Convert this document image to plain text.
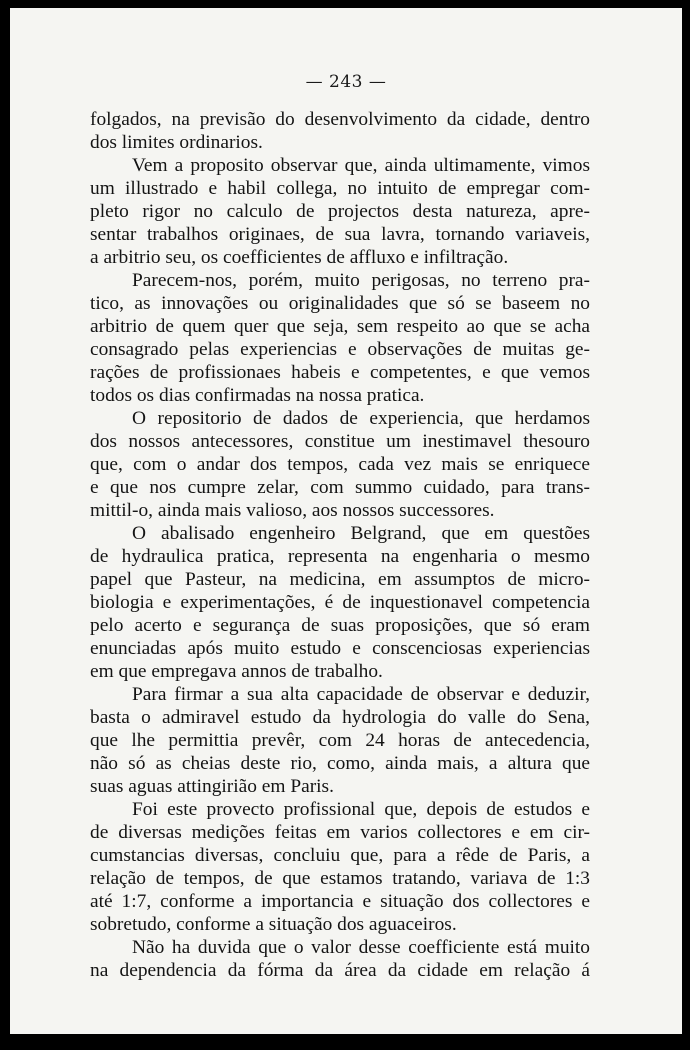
— 243 —
folgados, na previsão do desenvolvimento da cidade, dentro
dos limites ordinarios.
Vem a proposito observar que, ainda ultimamente, vimos
um illustrado e habil collega, no intuito de empregar com-
pleto rigor no calculo de projectos desta natureza, apre-
sentar trabalhos originaes, de sua lavra, tornando variaveis,
a arbitrio seu, os coefficientes de affluxo e infiltração.
Parecem-nos, porém, muito perigosas, no terreno pra-
tico, as innovações ou originalidades que só se baseem no
arbitrio de quem quer que seja, sem respeito ao que se acha
consagrado pelas experiencias e observações de muitas ge-
rações de profissionaes habeis e competentes, e que vemos
todos os dias confirmadas na nossa pratica.
O repositorio de dados de experiencia, que herdamos
dos nossos antecessores, constitue um inestimavel thesouro
que, com o andar dos tempos, cada vez mais se enriquece
e que nos cumpre zelar, com summo cuidado, para trans-
mittil-o, ainda mais valioso, aos nossos successores.
O abalisado engenheiro Belgrand, que em questões
de hydraulica pratica, representa na engenharia o mesmo
papel que Pasteur, na medicina, em assumptos de micro-
biologia e experimentações, é de inquestionavel competencia
pelo acerto e segurança de suas proposições, que só eram
enunciadas após muito estudo e conscenciosas experiencias
em que empregava annos de trabalho.
Para firmar a sua alta capacidade de observar e deduzir,
basta o admiravel estudo da hydrologia do valle do Sena,
que lhe permittia prevêr, com 24 horas de antecedencia,
não só as cheias deste rio, como, ainda mais, a altura que
suas aguas attingirião em Paris.
Foi este provecto profissional que, depois de estudos e
de diversas medições feitas em varios collectores e em cir-
cumstancias diversas, concluiu que, para a rêde de Paris, a
relação de tempos, de que estamos tratando, variava de 1:3
até 1:7, conforme a importancia e situação dos collectores e
sobretudo, conforme a situação dos aguaceiros.
Não ha duvida que o valor desse coefficiente está muito
na dependencia da fórma da área da cidade em relação á
